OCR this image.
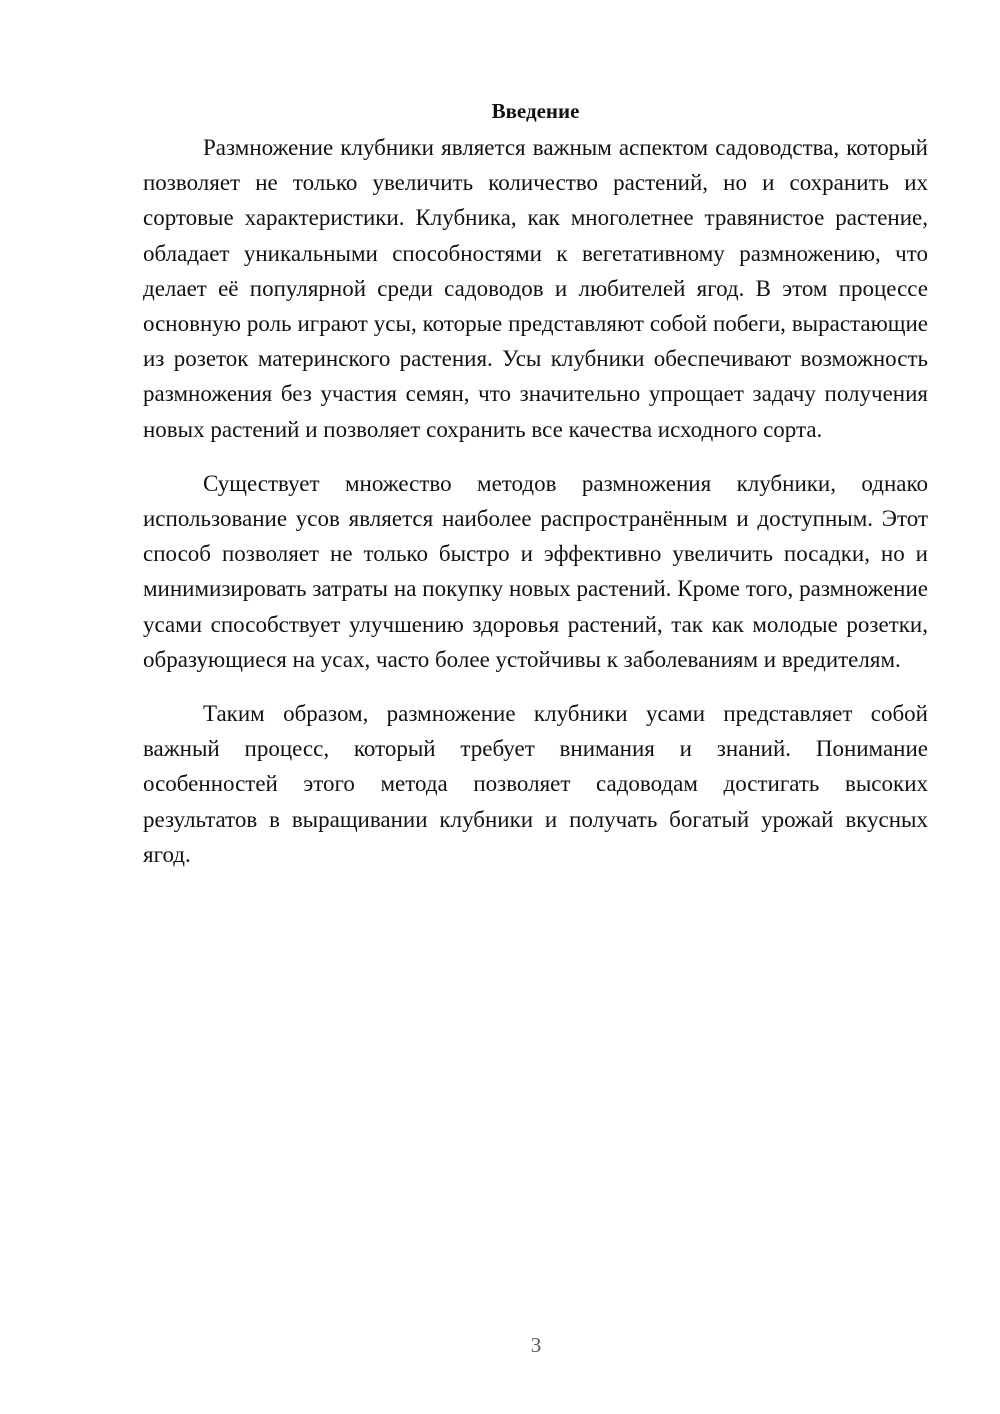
Введение

Размножение клубники является важным аспектом садоводства, который позволяет не только увеличить количество растений, но и сохранить их сортовые характеристики. Клубника, как многолетнее травянистое растение, обладает уникальными способностями к вегетативному размножению, что делает её популярной среди садоводов и любителей ягод. В этом процессе основную роль играют усы, которые представляют собой побеги, вырастающие из розеток материнского растения. Усы клубники обеспечивают возможность размножения без участия семян, что значительно упрощает задачу получения новых растений и позволяет сохранить все качества исходного сорта.

Существует множество методов размножения клубники, однако использование усов является наиболее распространённым и доступным. Этот способ позволяет не только быстро и эффективно увеличить посадки, но и минимизировать затраты на покупку новых растений. Кроме того, размножение усами способствует улучшению здоровья растений, так как молодые розетки, образующиеся на усах, часто более устойчивы к заболеваниям и вредителям.

Таким образом, размножение клубники усами представляет собой важный процесс, который требует внимания и знаний. Понимание особенностей этого метода позволяет садоводам достигать высоких результатов в выращивании клубники и получать богатый урожай вкусных ягод.

3
